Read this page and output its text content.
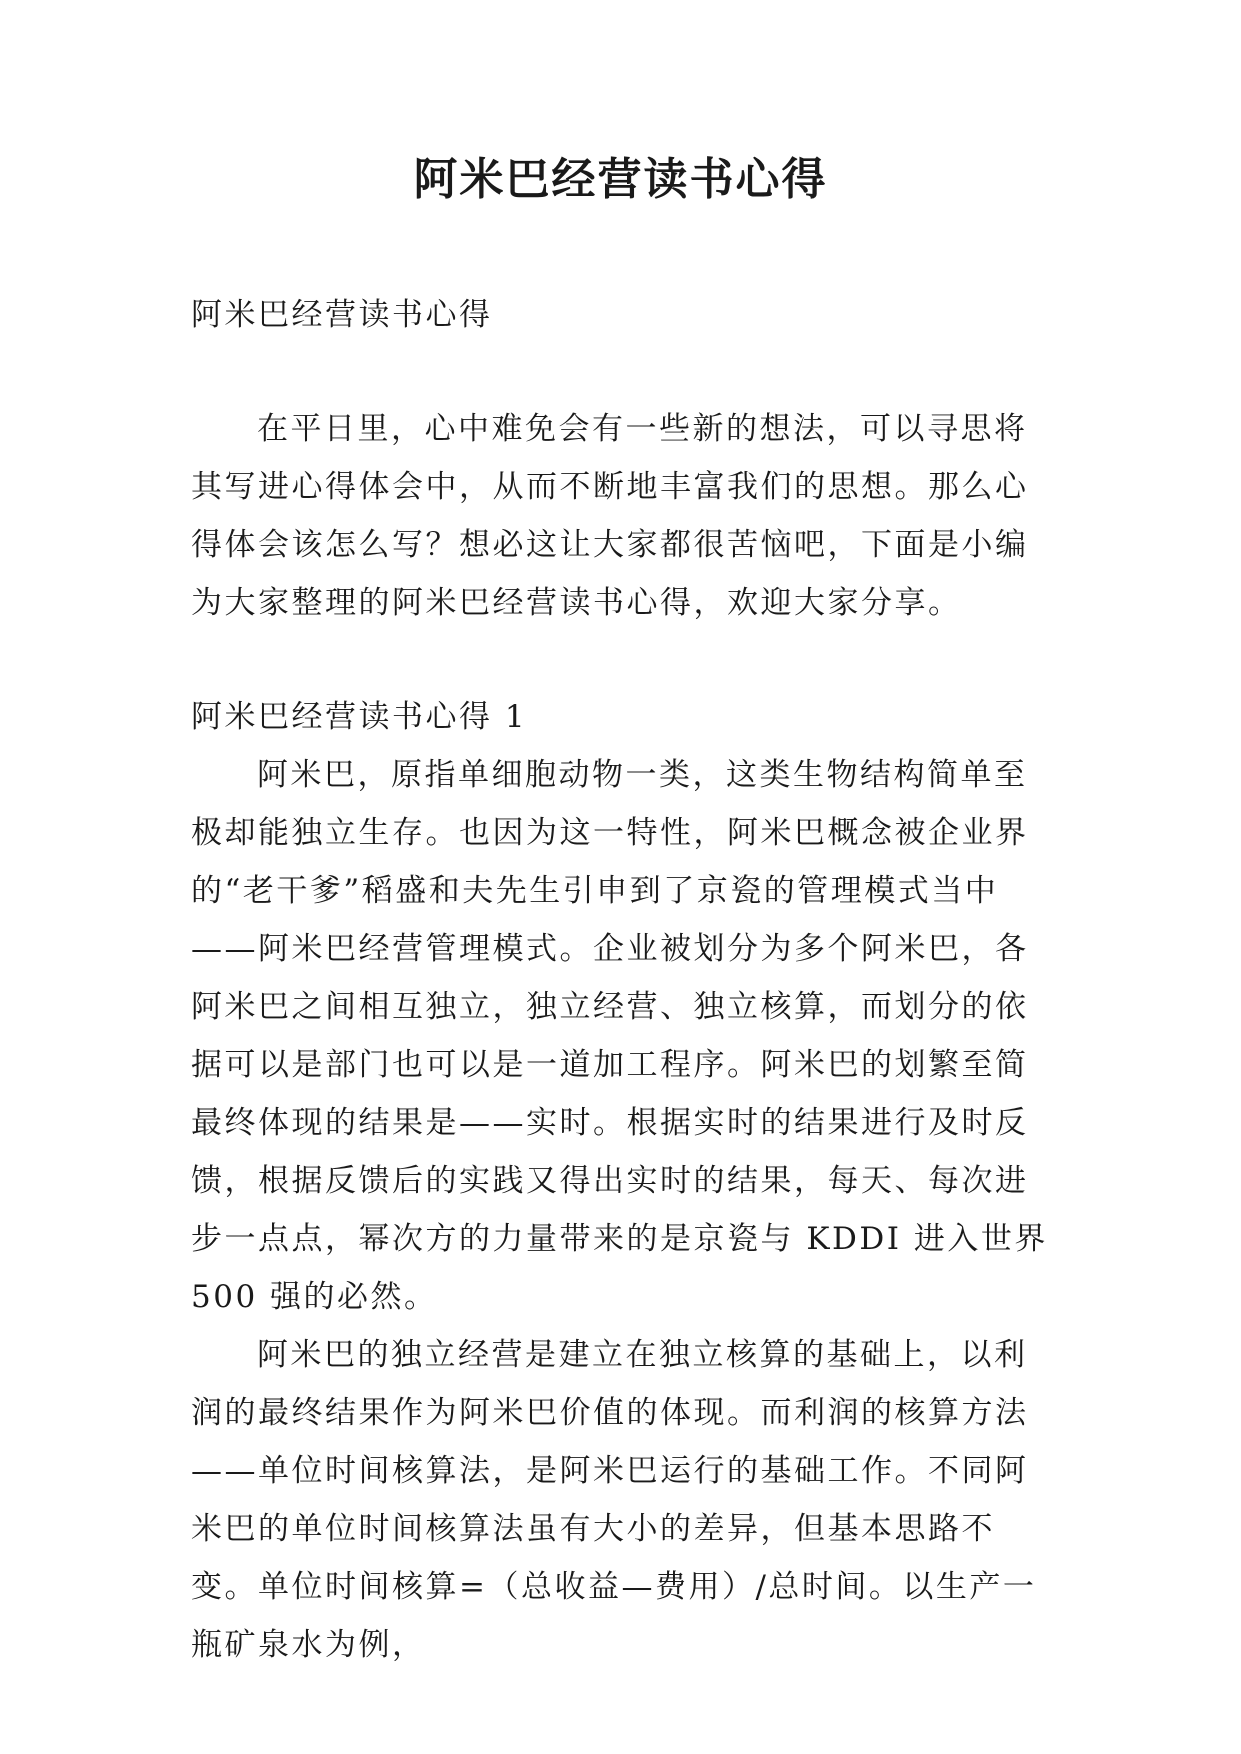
阿米巴经营读书心得

阿米巴经营读书心得

在平日里，心中难免会有一些新的想法，可以寻思将其写进心得体会中，从而不断地丰富我们的思想。那么心得体会该怎么写？想必这让大家都很苦恼吧，下面是小编为大家整理的阿米巴经营读书心得，欢迎大家分享。

阿米巴经营读书心得 1

阿米巴，原指单细胞动物一类，这类生物结构简单至极却能独立生存。也因为这一特性，阿米巴概念被企业界的“老干爹”稻盛和夫先生引申到了京瓷的管理模式当中——阿米巴经营管理模式。企业被划分为多个阿米巴，各阿米巴之间相互独立，独立经营、独立核算，而划分的依据可以是部门也可以是一道加工程序。阿米巴的划繁至简最终体现的结果是——实时。根据实时的结果进行及时反馈，根据反馈后的实践又得出实时的结果，每天、每次进步一点点，幂次方的力量带来的是京瓷与 KDDI 进入世界 500 强的必然。

阿米巴的独立经营是建立在独立核算的基础上，以利润的最终结果作为阿米巴价值的体现。而利润的核算方法——单位时间核算法，是阿米巴运行的基础工作。不同阿米巴的单位时间核算法虽有大小的差异，但基本思路不变。单位时间核算=（总收益—费用）/总时间。以生产一瓶矿泉水为例，
